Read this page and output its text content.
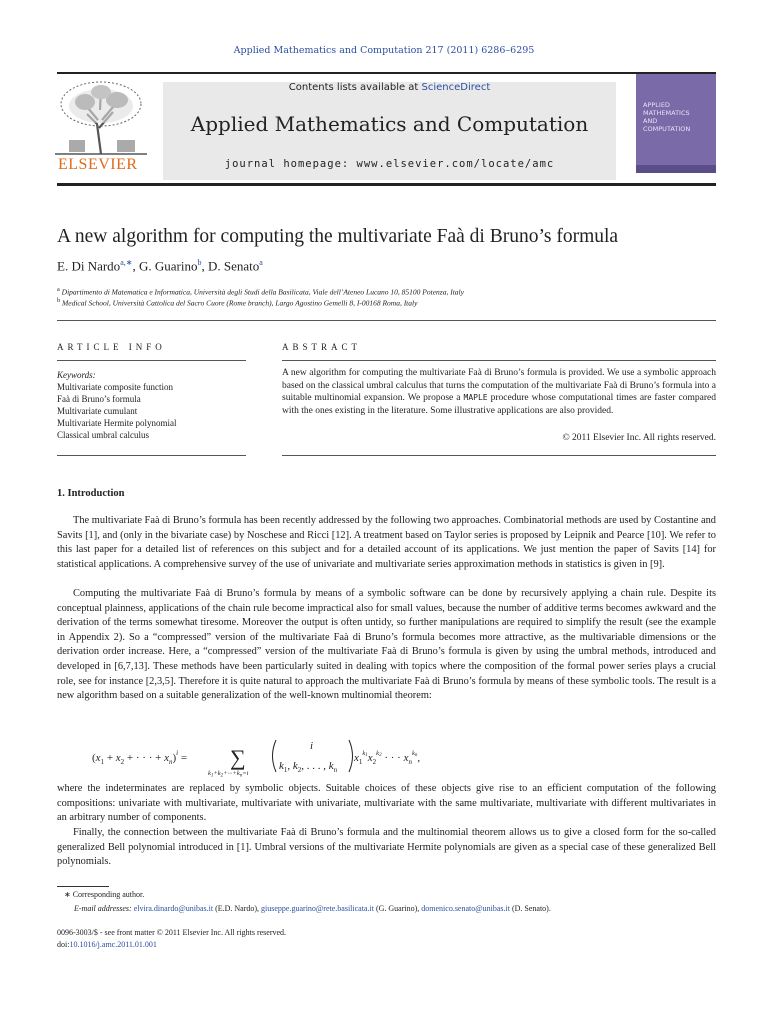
Applied Mathematics and Computation 217 (2011) 6286–6295
ELSEVIER
Contents lists available at ScienceDirect
Applied Mathematics and Computation
journal homepage: www.elsevier.com/locate/amc
APPLIED
MATHEMATICS
AND
COMPUTATION
A new algorithm for computing the multivariate Faà di Bruno’s formula
E. Di Nardo$^{a,∗}$, G. Guarino$^b$, D. Senato$^a$
$^a$ Dipartimento di Matematica e Informatica, Università degli Studi della Basilicata, Viale dell’Ateneo Lucano 10, 85100 Potenza, Italy
$^b$ Medical School, Università Cattolica del Sacro Cuore (Rome branch), Largo Agostino Gemelli 8, I-00168 Roma, Italy
ARTICLE INFO
Keywords:
Multivariate composite function
Faà di Bruno’s formula
Multivariate cumulant
Multivariate Hermite polynomial
Classical umbral calculus
ABSTRACT
A new algorithm for computing the multivariate Faà di Bruno’s formula is provided. We use a symbolic approach based on the classical umbral calculus that turns the computation of the multivariate Faà di Bruno’s formula into a suitable multinomial expansion. We propose a MAPLE procedure whose computational times are faster compared with the ones existing in the literature. Some illustrative applications are also provided.
© 2011 Elsevier Inc. All rights reserved.
1. Introduction
The multivariate Faà di Bruno’s formula has been recently addressed by the following two approaches. Combinatorial methods are used by Costantine and Savits [1], and (only in the bivariate case) by Noschese and Ricci [12]. A treatment based on Taylor series is proposed by Leipnik and Pearce [10]. We refer to this last paper for a detailed list of references on this subject and for a detailed account of its applications. We just mention the paper of Savits [14] for statistical applications. A comprehensive survey of the use of univariate and multivariate series approximation methods in statistics is given in [9].
Computing the multivariate Faà di Bruno’s formula by means of a symbolic software can be done by recursively applying a chain rule. Despite its conceptual plainness, applications of the chain rule become impractical also for small values, because the number of additive terms becomes awkward and the derivation of the terms somewhat tiresome. Moreover the output is often untidy, so further manipulations are required to simplify the result (see the example in Appendix 2). So a “compressed” version of the multivariate Faà di Bruno’s formula becomes more attractive, as the multivariable dimensions or the derivation order increase. Here, a “compressed” version of the multivariate Faà di Bruno’s formula is given by using the umbral methods, introduced and developed in [6,7,13]. These methods have been particularly suited in dealing with topics where the composition of the formal power series plays a crucial role, see for instance [2,3,5]. Therefore it is quite natural to approach the multivariate Faà di Bruno’s formula by means of these symbolic tools. The result is a new algorithm based on a suitable generalization of the well-known multinomial theorem:
($x_1 + x_2$ + · · · + $x_n)^i$ = ∑
$k_1+k_2+\cdot\cdot\cdot+k_n=i$
i
$k_1$, $k_2$, . . . , $k_n$
$x_1^k1x_2^k2$ · · · $x_n^kn$,
where the indeterminates are replaced by symbolic objects. Suitable choices of these objects give rise to an efficient computation of the following compositions: univariate with multivariate, multivariate with univariate, multivariate with the same multivariate, multivariate with different multivariates in an arbitrary number of components.
Finally, the connection between the multivariate Faà di Bruno’s formula and the multinomial theorem allows us to give a closed form for the so-called generalized Bell polynomial introduced in [1]. Umbral versions of the multivariate Hermite polynomials are given as a special case of these generalized Bell polynomials.
∗ Corresponding author.
E-mail addresses: elvira.dinardo@unibas.it (E.D. Nardo), giuseppe.guarino@rete.basilicata.it (G. Guarino), domenico.senato@unibas.it (D. Senato).
0096-3003/$ - see front matter © 2011 Elsevier Inc. All rights reserved.
doi:10.1016/j.amc.2011.01.001
